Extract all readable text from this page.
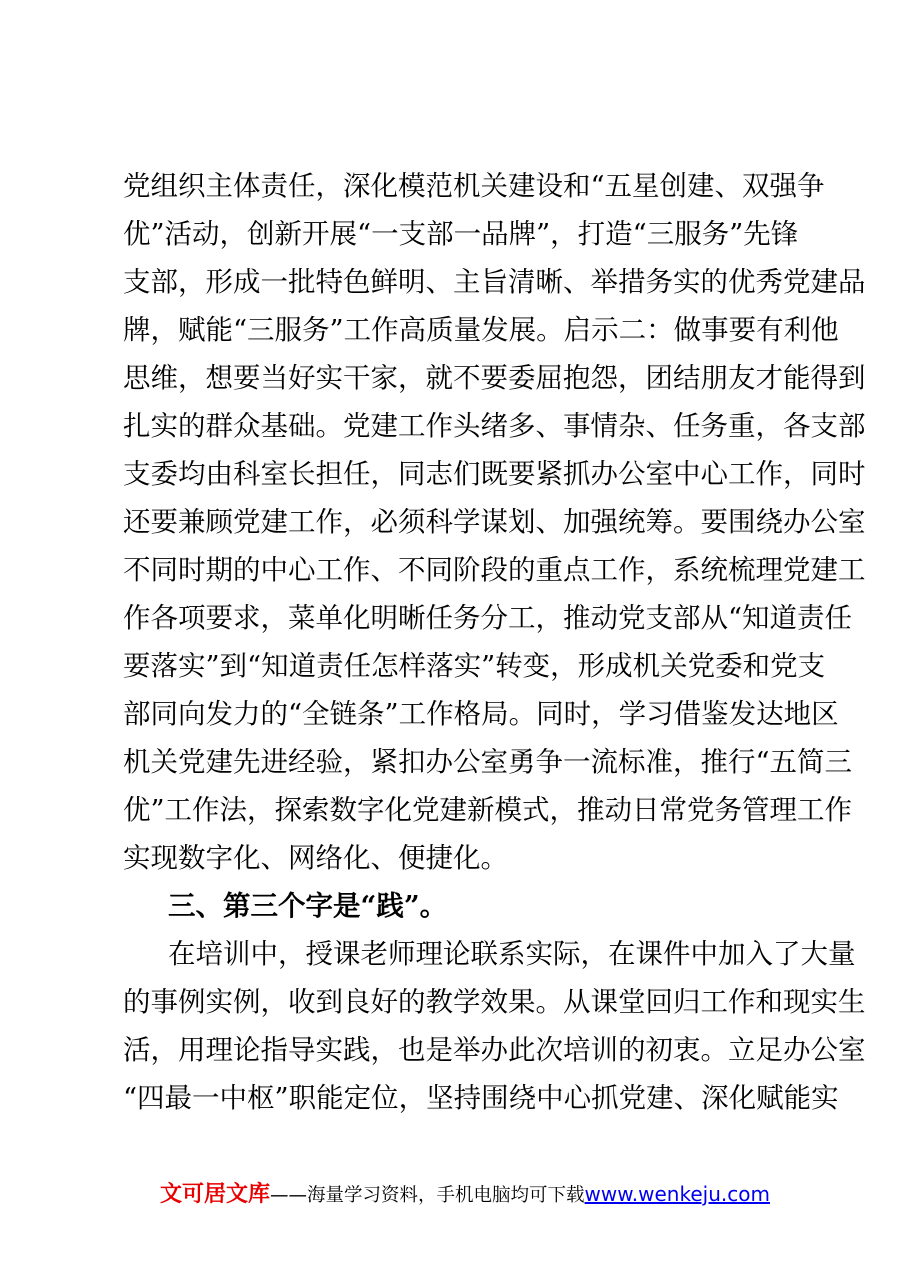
党组织主体责任，深化模范机关建设和“五星创建、双强争
优”活动，创新开展“一支部一品牌”，打造“三服务”先锋
支部，形成一批特色鲜明、主旨清晰、举措务实的优秀党建品
牌，赋能“三服务”工作高质量发展。启示二：做事要有利他
思维，想要当好实干家，就不要委屈抱怨，团结朋友才能得到
扎实的群众基础。党建工作头绪多、事情杂、任务重，各支部
支委均由科室长担任，同志们既要紧抓办公室中心工作，同时
还要兼顾党建工作，必须科学谋划、加强统筹。要围绕办公室
不同时期的中心工作、不同阶段的重点工作，系统梳理党建工
作各项要求，菜单化明晰任务分工，推动党支部从“知道责任
要落实”到“知道责任怎样落实”转变，形成机关党委和党支
部同向发力的“全链条”工作格局。同时，学习借鉴发达地区
机关党建先进经验，紧扣办公室勇争一流标准，推行“五简三
优”工作法，探索数字化党建新模式，推动日常党务管理工作
实现数字化、网络化、便捷化。
三、第三个字是“践”。
在培训中，授课老师理论联系实际，在课件中加入了大量
的事例实例，收到良好的教学效果。从课堂回归工作和现实生
活，用理论指导实践，也是举办此次培训的初衷。立足办公室
“四最一中枢”职能定位，坚持围绕中心抓党建、深化赋能实
文可居文库——海量学习资料，手机电脑均可下载www.wenkeju.com
